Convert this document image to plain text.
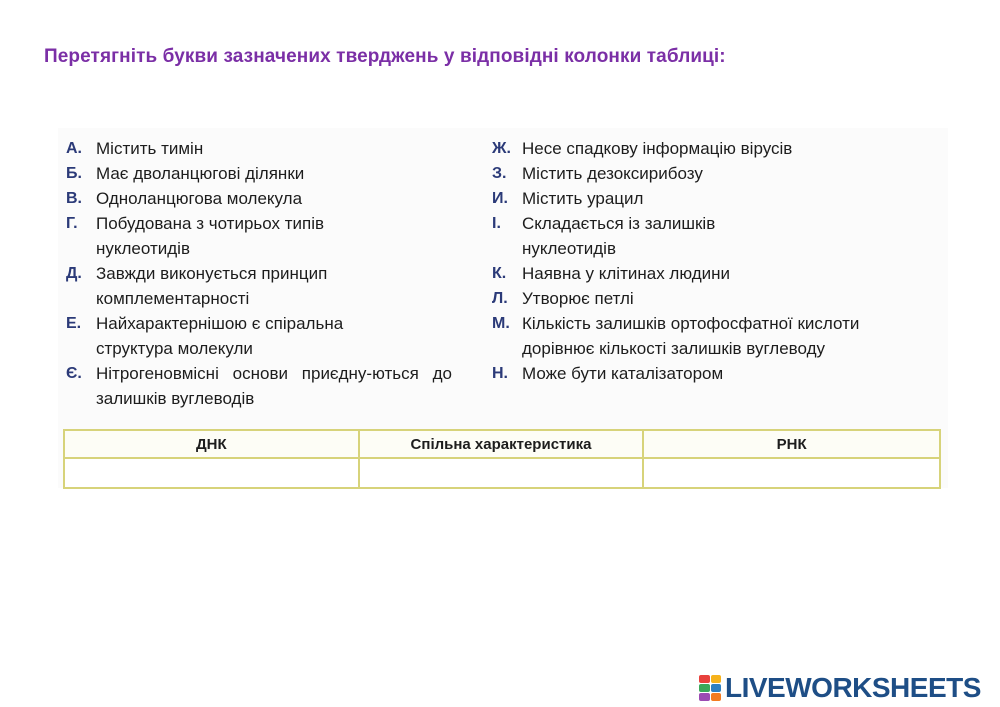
Перетягніть букви зазначених тверджень у відповідні колонки таблиці:
А. Містить тимін
Б. Має дволанцюгові ділянки
В. Одноланцюгова молекула
Г.	Побудована з чотирьох типів нуклеотидів
Д. Завжди виконується принцип комплементарності
Е. Найхарактернішою є спіральна структура молекули
Є. Нітрогеновмісні основи приєдну-ються до залишків вуглеводів
Ж. Несе спадкову інформацію вірусів
З. Містить дезоксирибозу
И. Містить урацил
І.	Складається із залишків нуклеотидів
К. Наявна у клітинах людини
Л. Утворює петлі
М. Кількість залишків ортофосфатної кислоти дорівнює кількості залишків вуглеводу
Н. Може бути каталізатором
ДНК	Спільна характеристика	РНК

LIVEWORKSHEETS
